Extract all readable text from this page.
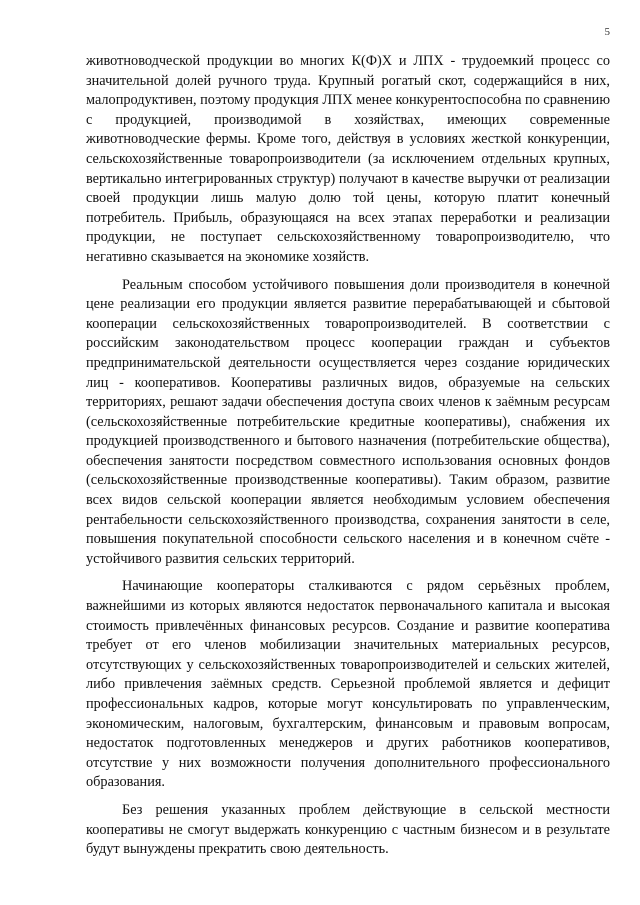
5

животноводческой продукции во многих К(Ф)Х и ЛПХ - трудоемкий процесс со значительной долей ручного труда. Крупный рогатый скот, содержащийся в них, малопродуктивен, поэтому продукция ЛПХ менее конкурентоспособна по сравнению с продукцией, производимой в хозяйствах, имеющих современные животноводческие фермы. Кроме того, действуя в условиях жесткой конкуренции, сельскохозяйственные товаропроизводители (за исключением отдельных крупных, вертикально интегрированных структур) получают в качестве выручки от реализации своей продукции лишь малую долю той цены, которую платит конечный потребитель. Прибыль, образующаяся на всех этапах переработки и реализации продукции, не поступает сельскохозяйственному товаропроизводителю, что негативно сказывается на экономике хозяйств.

Реальным способом устойчивого повышения доли производителя в конечной цене реализации его продукции является развитие перерабатывающей и сбытовой кооперации сельскохозяйственных товаропроизводителей. В соответствии с российским законодательством процесс кооперации граждан и субъектов предпринимательской деятельности осуществляется через создание юридических лиц - кооперативов. Кооперативы различных видов, образуемые на сельских территориях, решают задачи обеспечения доступа своих членов к заёмным ресурсам (сельскохозяйственные потребительские кредитные кооперативы), снабжения их продукцией производственного и бытового назначения (потребительские общества), обеспечения занятости посредством совместного использования основных фондов (сельскохозяйственные производственные кооперативы). Таким образом, развитие всех видов сельской кооперации является необходимым условием обеспечения рентабельности сельскохозяйственного производства, сохранения занятости в селе, повышения покупательной способности сельского населения и в конечном счёте - устойчивого развития сельских территорий.

Начинающие кооператоры сталкиваются с рядом серьёзных проблем, важнейшими из которых являются недостаток первоначального капитала и высокая стоимость привлечённых финансовых ресурсов. Создание и развитие кооператива требует от его членов мобилизации значительных материальных ресурсов, отсутствующих у сельскохозяйственных товаропроизводителей и сельских жителей, либо привлечения заёмных средств. Серьезной проблемой является и дефицит профессиональных кадров, которые могут консультировать по управленческим, экономическим, налоговым, бухгалтерским, финансовым и правовым вопросам, недостаток подготовленных менеджеров и других работников кооперативов, отсутствие у них возможности получения дополнительного профессионального образования.

Без решения указанных проблем действующие в сельской местности кооперативы не смогут выдержать конкуренцию с частным бизнесом и в результате будут вынуждены прекратить свою деятельность.
